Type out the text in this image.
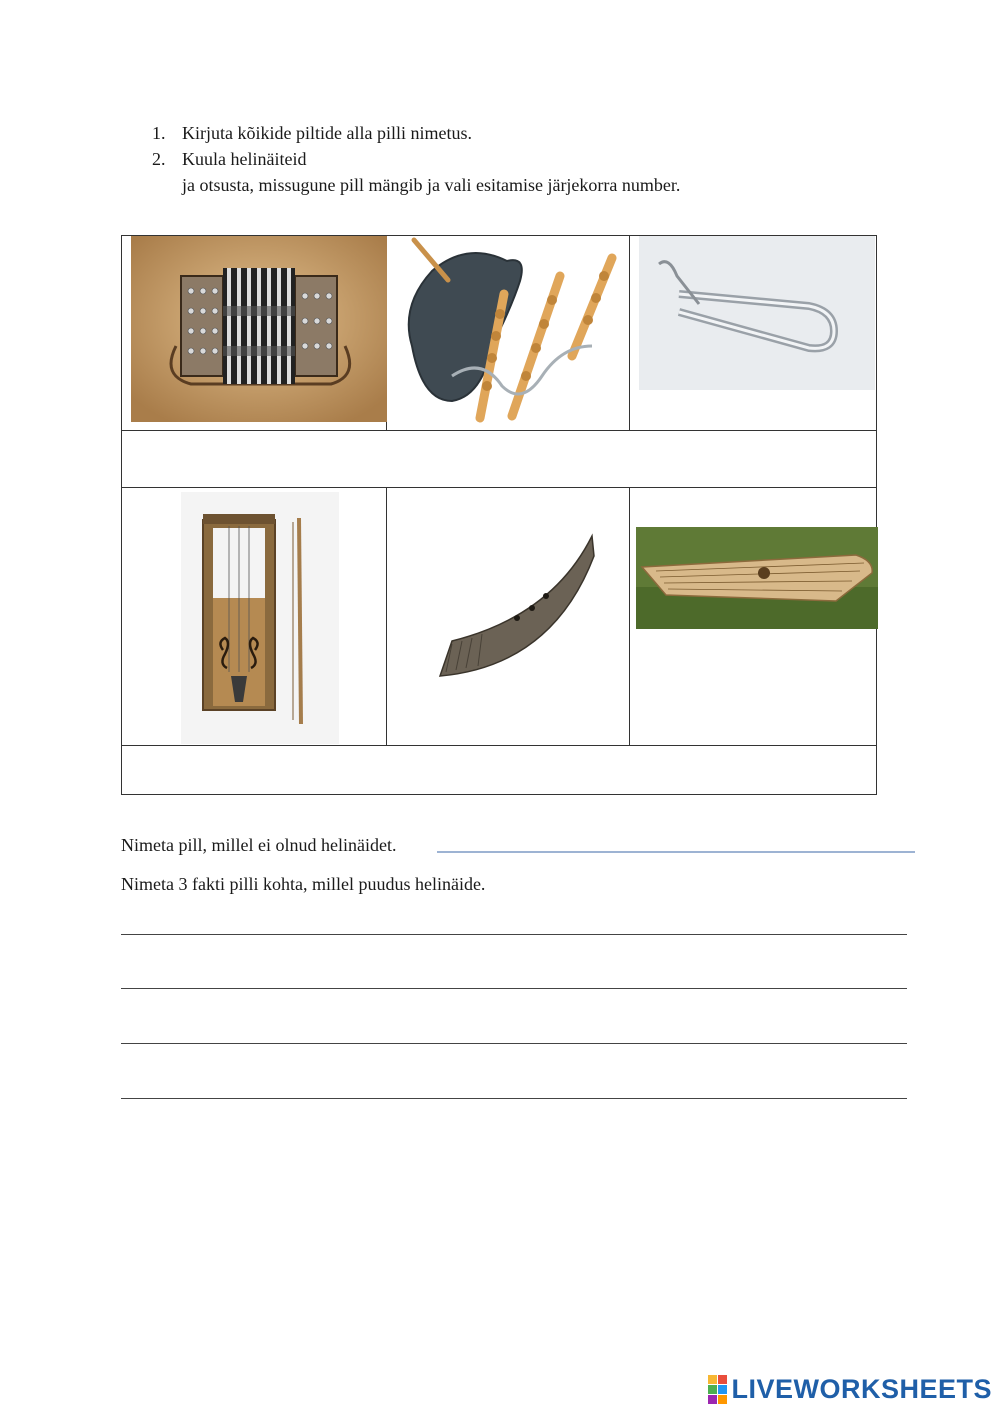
1. Kirjuta kõikide piltide alla pilli nimetus.
2. Kuula helinäiteid
ja otsusta, missugune pill mängib ja vali esitamise järjekorra number.
Nimeta pill, millel ei olnud helinäidet.
Nimeta 3 fakti pilli kohta, millel puudus helinäide.
LIVEWORKSHEETS
